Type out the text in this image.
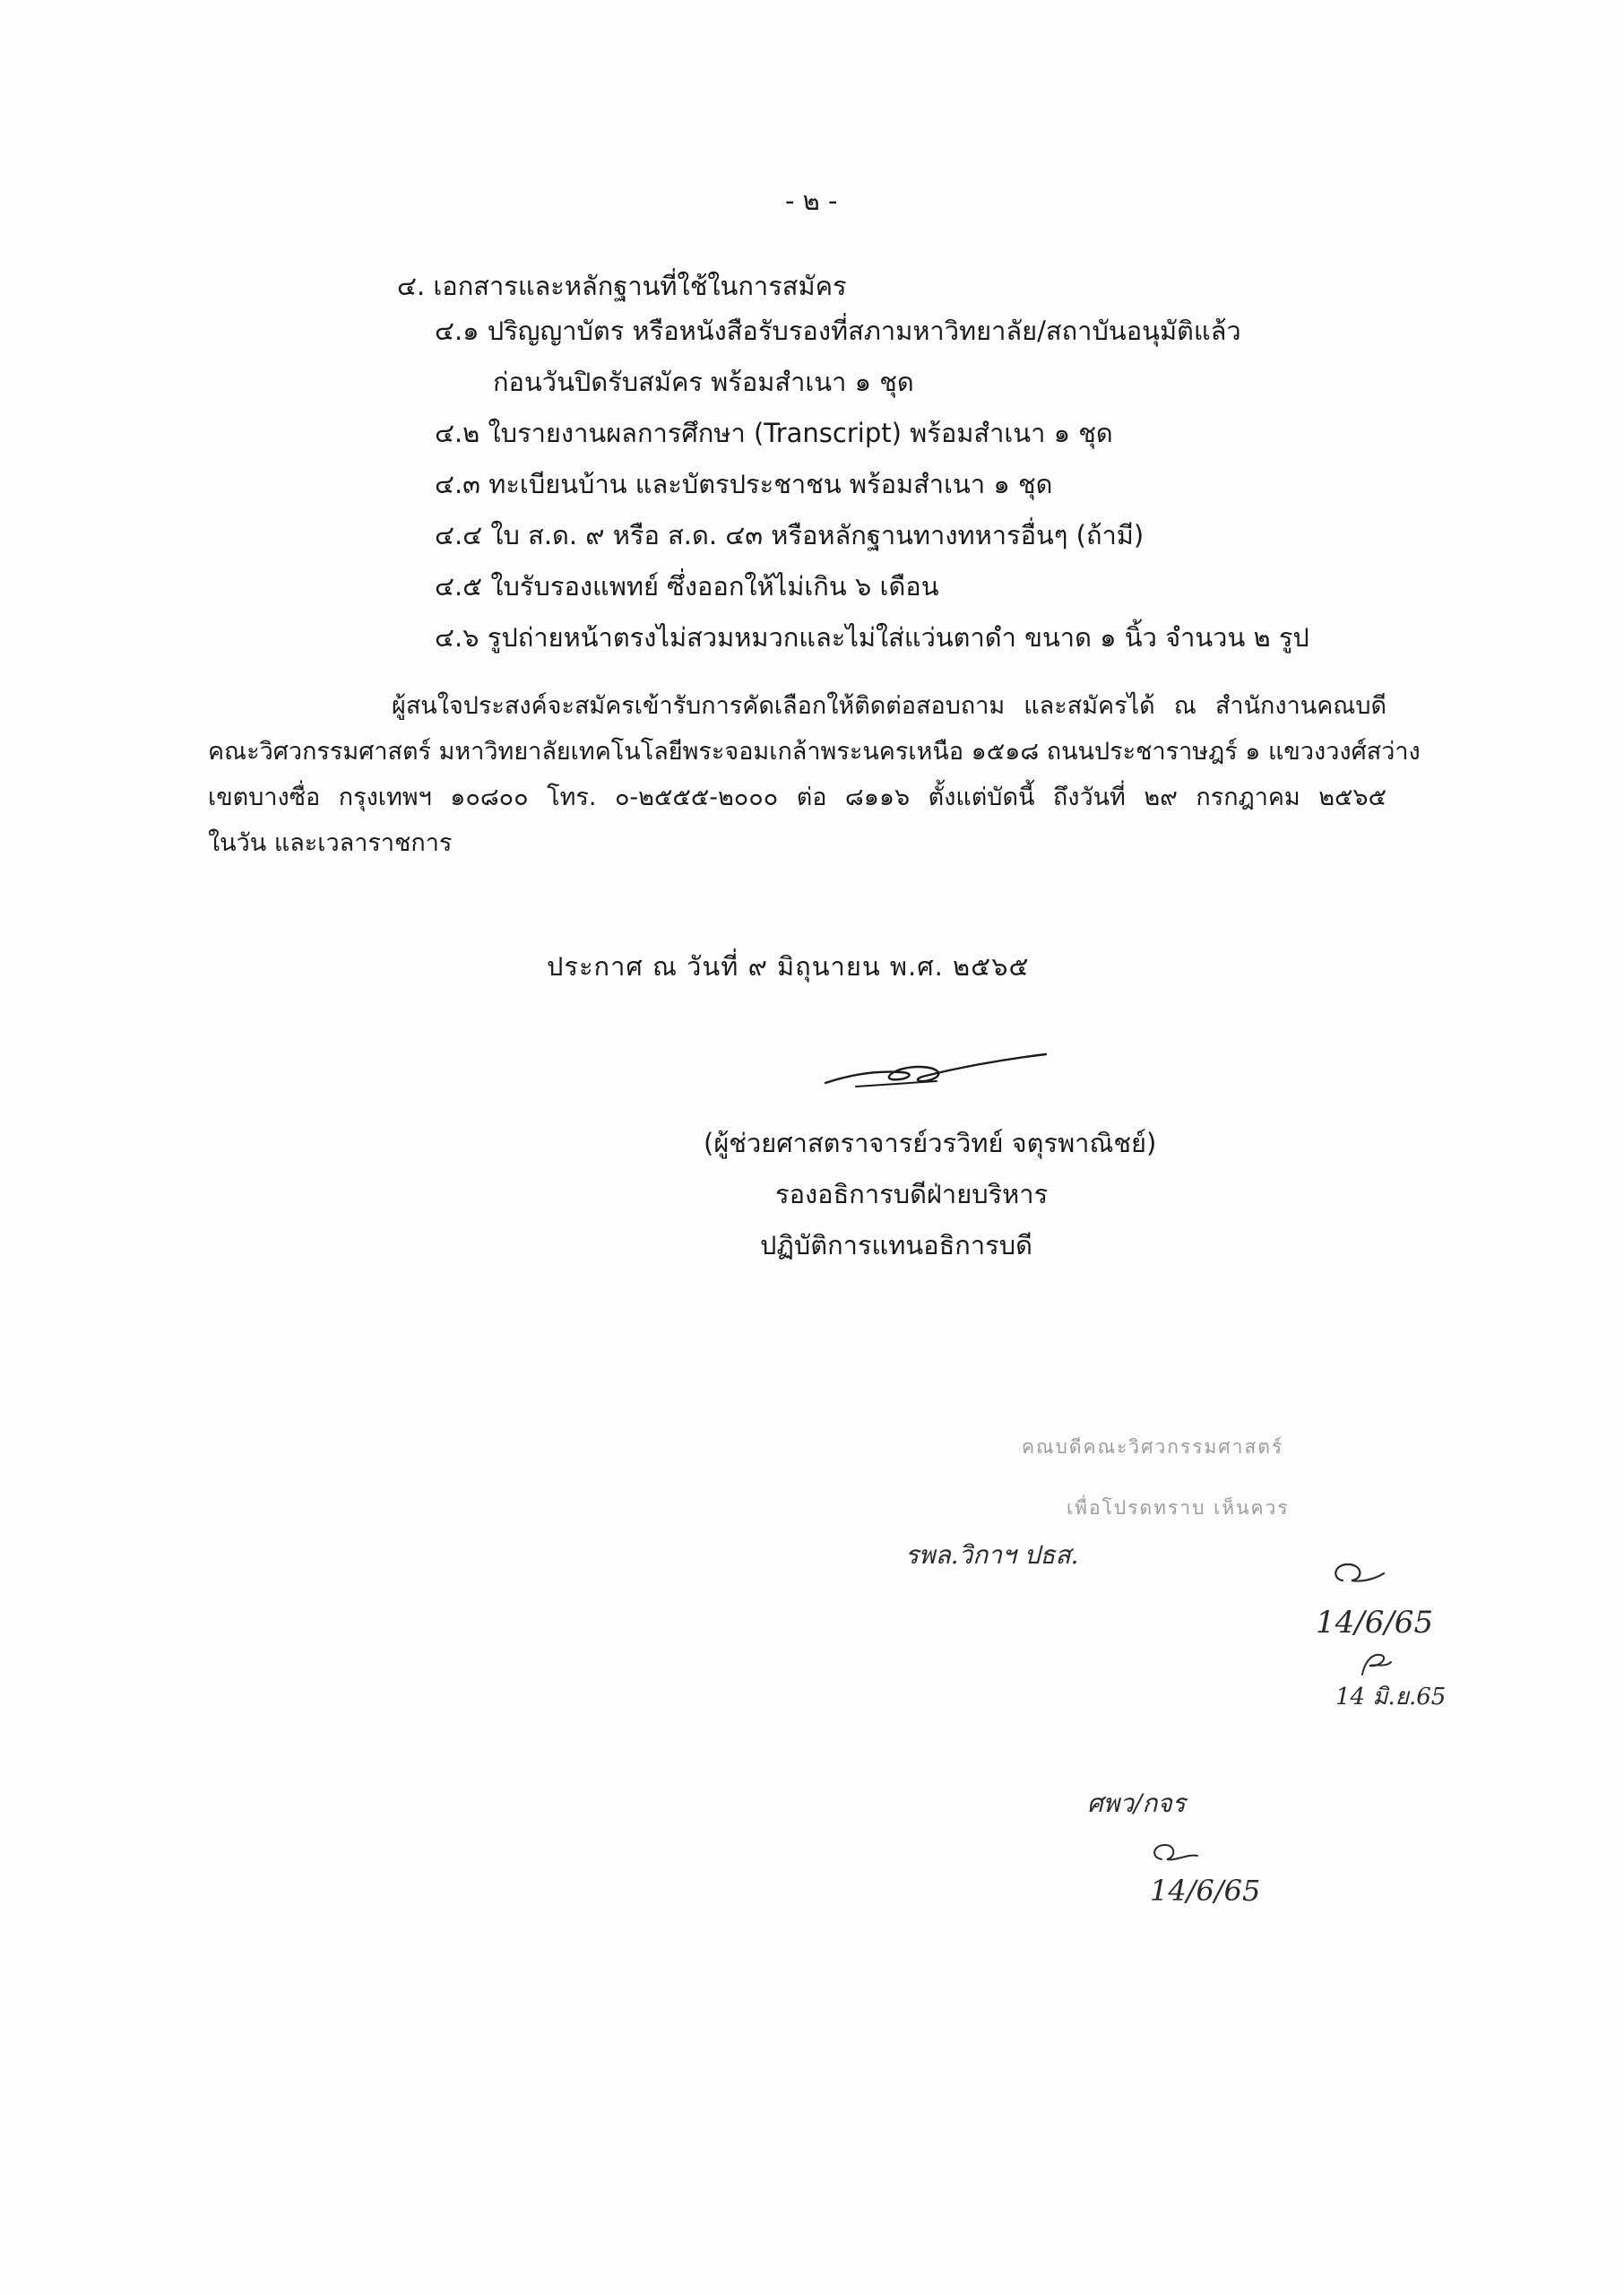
- ๒ -
๔. เอกสารและหลักฐานที่ใช้ในการสมัคร
๔.๑ ปริญญาบัตร หรือหนังสือรับรองที่สภามหาวิทยาลัย/สถาบันอนุมัติแล้ว
ก่อนวันปิดรับสมัคร พร้อมสำเนา ๑ ชุด
๔.๒ ใบรายงานผลการศึกษา (Transcript) พร้อมสำเนา ๑ ชุด
๔.๓ ทะเบียนบ้าน และบัตรประชาชน พร้อมสำเนา ๑ ชุด
๔.๔ ใบ ส.ด. ๙ หรือ ส.ด. ๔๓ หรือหลักฐานทางทหารอื่นๆ (ถ้ามี)
๔.๕ ใบรับรองแพทย์ ซึ่งออกให้ไม่เกิน ๖ เดือน
๔.๖ รูปถ่ายหน้าตรงไม่สวมหมวกและไม่ใส่แว่นตาดำ ขนาด ๑ นิ้ว จำนวน ๒ รูป
ผู้สนใจประสงค์จะสมัครเข้ารับการคัดเลือกให้ติดต่อสอบถาม และสมัครได้ ณ สำนักงานคณบดี
คณะวิศวกรรมศาสตร์ มหาวิทยาลัยเทคโนโลยีพระจอมเกล้าพระนครเหนือ ๑๕๑๘ ถนนประชาราษฎร์ ๑ แขวงวงศ์สว่าง
เขตบางซื่อ กรุงเทพฯ ๑๐๘๐๐ โทร. ๐-๒๕๕๕-๒๐๐๐ ต่อ ๘๑๑๖ ตั้งแต่บัดนี้ ถึงวันที่ ๒๙ กรกฎาคม ๒๕๖๕
ในวัน และเวลาราชการ
ประกาศ ณ วันที่ ๙ มิถุนายน พ.ศ. ๒๕๖๕
(ผู้ช่วยศาสตราจารย์วรวิทย์ จตุรพาณิชย์)
รองอธิการบดีฝ่ายบริหาร
ปฏิบัติการแทนอธิการบดี
คณบดีคณะวิศวกรรมศาสตร์
เพื่อโปรดทราบ เห็นควร
รพล.วิกาฯ ปธส.
14/6/65
14 มิ.ย.65
ศพว/กจร
14/6/65
